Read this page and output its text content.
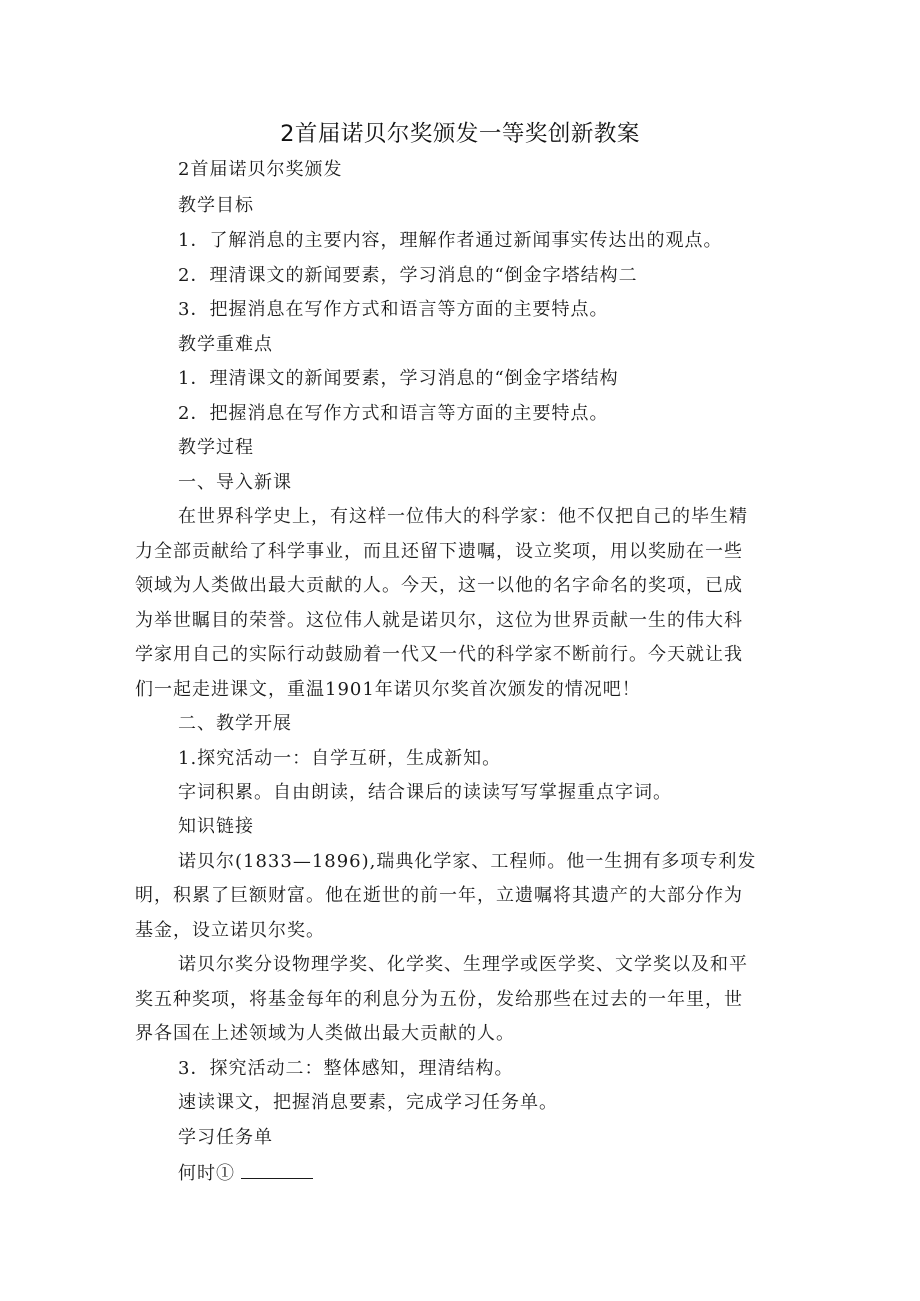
2首届诺贝尔奖颁发一等奖创新教案
2首届诺贝尔奖颁发
教学目标
1．了解消息的主要内容，理解作者通过新闻事实传达出的观点。
2．理清课文的新闻要素，学习消息的“倒金字塔结构二
3．把握消息在写作方式和语言等方面的主要特点。
教学重难点
1．理清课文的新闻要素，学习消息的“倒金字塔结构
2．把握消息在写作方式和语言等方面的主要特点。
教学过程
一、导入新课
在世界科学史上，有这样一位伟大的科学家：他不仅把自己的毕生精
力全部贡献给了科学事业，而且还留下遗嘱，设立奖项，用以奖励在一些
领域为人类做出最大贡献的人。今天，这一以他的名字命名的奖项，已成
为举世瞩目的荣誉。这位伟人就是诺贝尔，这位为世界贡献一生的伟大科
学家用自己的实际行动鼓励着一代又一代的科学家不断前行。今天就让我
们一起走进课文，重温1901年诺贝尔奖首次颁发的情况吧！
二、教学开展
1.探究活动一：自学互研，生成新知。
字词积累。自由朗读，结合课后的读读写写掌握重点字词。
知识链接
诺贝尔(1833—1896),瑞典化学家、工程师。他一生拥有多项专利发
明，积累了巨额财富。他在逝世的前一年，立遗嘱将其遗产的大部分作为
基金，设立诺贝尔奖。
诺贝尔奖分设物理学奖、化学奖、生理学或医学奖、文学奖以及和平
奖五种奖项，将基金每年的利息分为五份，发给那些在过去的一年里，世
界各国在上述领域为人类做出最大贡献的人。
3．探究活动二：整体感知，理清结构。
速读课文，把握消息要素，完成学习任务单。
学习任务单
何时①
